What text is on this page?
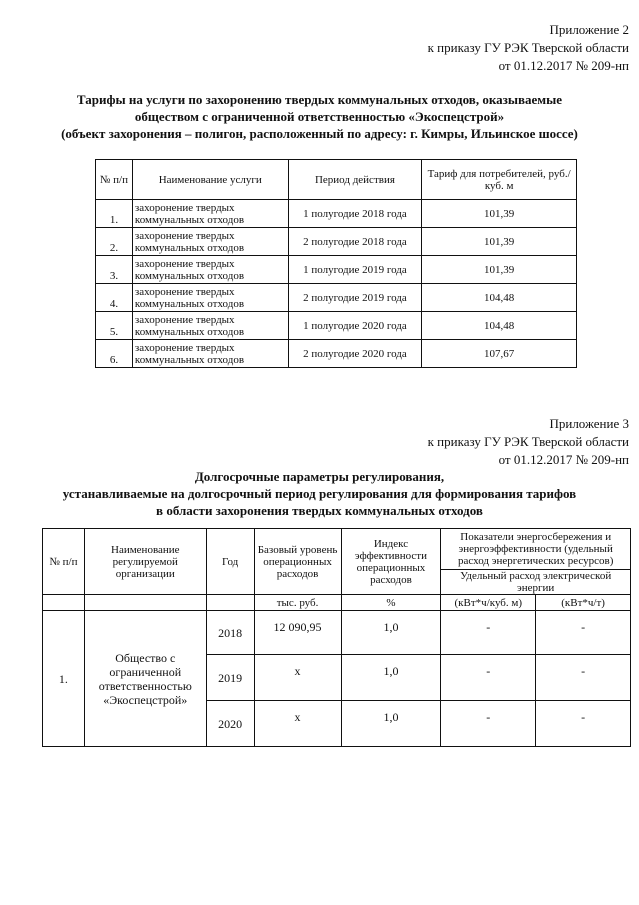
Приложение 2
к приказу ГУ РЭК Тверской области
от 01.12.2017 № 209-нп
Тарифы на услуги по захоронению твердых коммунальных отходов, оказываемые
обществом с ограниченной ответственностью «Экоспецстрой»
(объект захоронения – полигон, расположенный по адресу: г. Кимры, Ильинское шоссе)
№ п/п	Наименование услуги	Период действия	Тариф для потребителей, руб./куб. м
1.	захоронение твердых коммунальных отходов	1 полугодие 2018 года	101,39
2.	захоронение твердых коммунальных отходов	2 полугодие 2018 года	101,39
3.	захоронение твердых коммунальных отходов	1 полугодие 2019 года	101,39
4.	захоронение твердых коммунальных отходов	2 полугодие 2019 года	104,48
5.	захоронение твердых коммунальных отходов	1 полугодие 2020 года	104,48
6.	захоронение твердых коммунальных отходов	2 полугодие 2020 года	107,67
Приложение 3
к приказу ГУ РЭК Тверской области
от 01.12.2017 № 209-нп
Долгосрочные параметры регулирования,
устанавливаемые на долгосрочный период регулирования для формирования тарифов
в области захоронения твердых коммунальных отходов
№ п/п	Наименование регулируемой организации	Год	Базовый уровень операционных расходов	Индекс эффективности операционных расходов	Показатели энергосбережения и энергоэффективности (удельный расход энергетических ресурсов)	
					Удельный расход электрической энергии	

			тыс. руб.	%	(кВт*ч/куб. м)	(кВт*ч/т)
1.	Общество с ограниченной ответственностью «Экоспецстрой»	2018	12 090,95	1,0	-	-
		2019	х	1,0	-	-
		2020	х	1,0	-	-
